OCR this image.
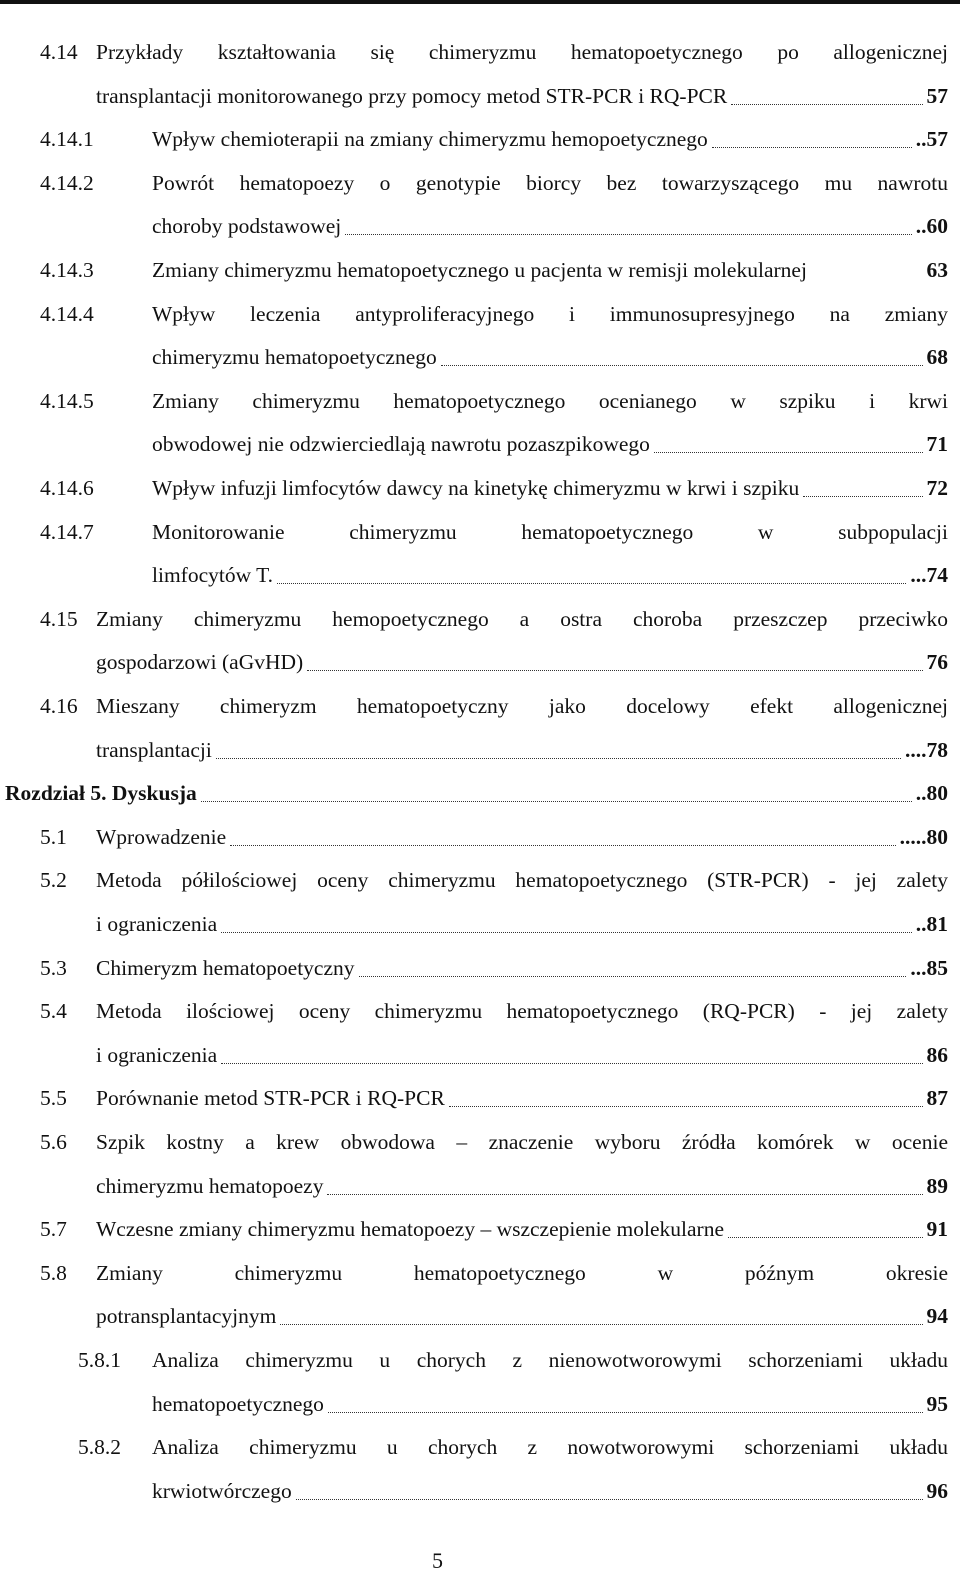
4.14 Przykłady kształtowania się chimeryzmu hematopoetycznego po allogenicznej
transplantacji monitorowanego przy pomocy metod STR-PCR i RQ-PCR	57
4.14.1	Wpływ chemioterapii na zmiany chimeryzmu hemopoetycznego	..57
4.14.2	Powrót hematopoezy o genotypie biorcy bez towarzyszącego mu nawrotu
choroby podstawowej	..60
4.14.3	Zmiany chimeryzmu hematopoetycznego u pacjenta w remisji molekularnej	63
4.14.4	Wpływ leczenia antyproliferacyjnego i immunosupresyjnego na zmiany
chimeryzmu hematopoetycznego	68
4.14.5	Zmiany chimeryzmu hematopoetycznego ocenianego w szpiku i krwi
obwodowej nie odzwierciedlają nawrotu pozaszpikowego	71
4.14.6	Wpływ infuzji limfocytów dawcy na kinetykę chimeryzmu w krwi i szpiku	72
4.14.7	Monitorowanie chimeryzmu hematopoetycznego w subpopulacji
limfocytów T.	...74
4.15 Zmiany chimeryzmu hemopoetycznego a ostra choroba przeszczep przeciwko
gospodarzowi (aGvHD)	76
4.16 Mieszany chimeryzm hematopoetyczny jako docelowy efekt allogenicznej
transplantacji	....78
Rozdział 5. Dyskusja	..80
5.1 Wprowadzenie	.....80
5.2 Metoda półilościowej oceny chimeryzmu hematopoetycznego (STR-PCR) - jej zalety
i ograniczenia	..81
5.3 Chimeryzm hematopoetyczny	...85
5.4 Metoda ilościowej oceny chimeryzmu hematopoetycznego (RQ-PCR) - jej zalety
i ograniczenia	86
5.5 Porównanie metod STR-PCR i RQ-PCR	87
5.6 Szpik kostny a krew obwodowa – znaczenie wyboru źródła komórek w ocenie
chimeryzmu hematopoezy	89
5.7 Wczesne zmiany chimeryzmu hematopoezy – wszczepienie molekularne	91
5.8 Zmiany chimeryzmu hematopoetycznego w późnym okresie
potransplantacyjnym	94
5.8.1 Analiza chimeryzmu u chorych z nienowotworowymi schorzeniami układu
hematopoetycznego	95
5.8.2 Analiza chimeryzmu u chorych z nowotworowymi schorzeniami układu
krwiotwórczego	96
5
